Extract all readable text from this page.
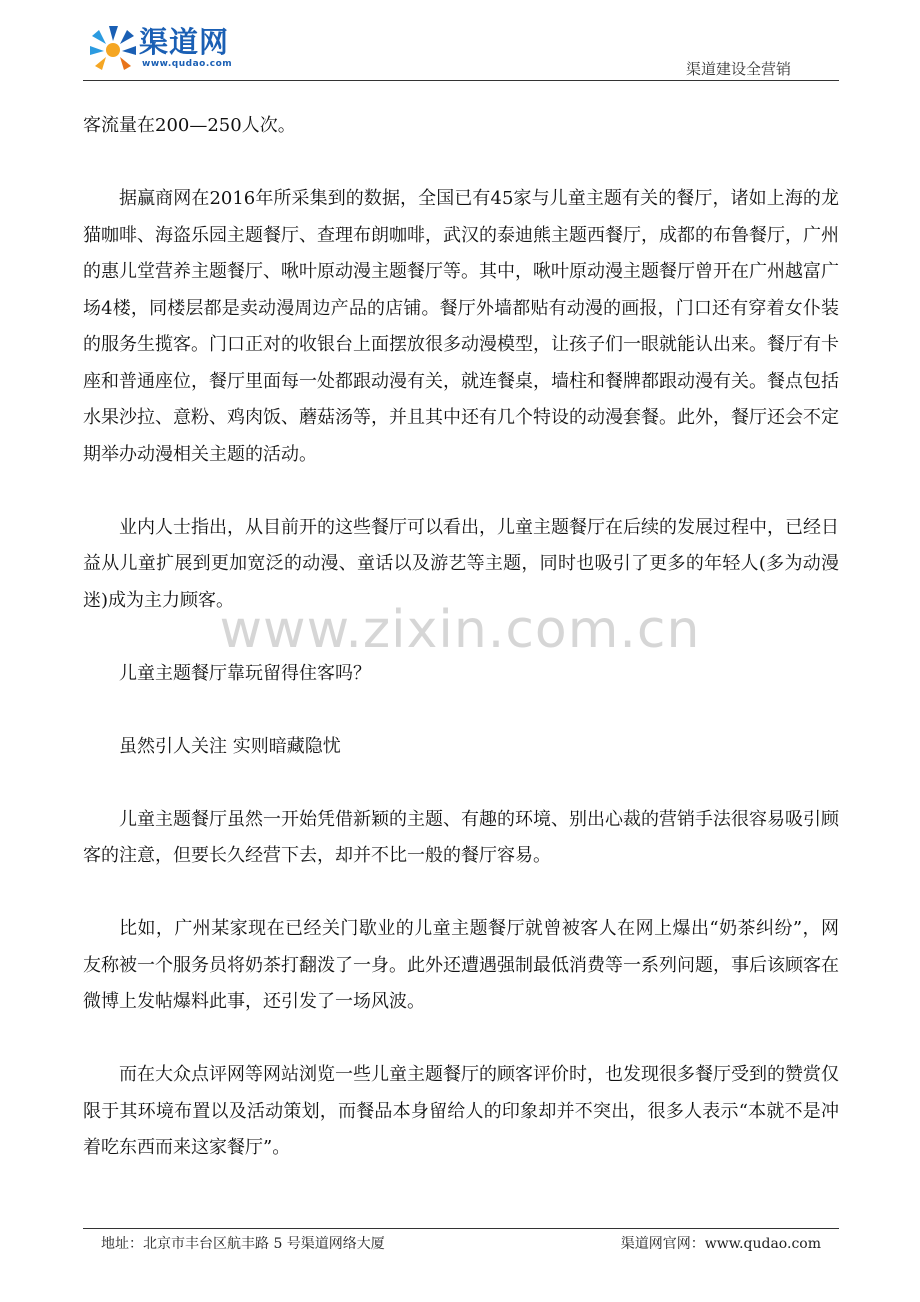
渠道网
www.qudao.com	渠道建设全营销

客流量在200—250人次。

据赢商网在2016年所采集到的数据，全国已有45家与儿童主题有关的餐厅，诸如上海的龙猫咖啡、海盗乐园主题餐厅、查理布朗咖啡，武汉的泰迪熊主题西餐厅，成都的布鲁餐厅，广州的惠儿堂营养主题餐厅、啾叶原动漫主题餐厅等。其中，啾叶原动漫主题餐厅曾开在广州越富广场4楼，同楼层都是卖动漫周边产品的店铺。餐厅外墙都贴有动漫的画报，门口还有穿着女仆装的服务生揽客。门口正对的收银台上面摆放很多动漫模型，让孩子们一眼就能认出来。餐厅有卡座和普通座位，餐厅里面每一处都跟动漫有关，就连餐桌，墙柱和餐牌都跟动漫有关。餐点包括水果沙拉、意粉、鸡肉饭、蘑菇汤等，并且其中还有几个特设的动漫套餐。此外，餐厅还会不定期举办动漫相关主题的活动。

业内人士指出，从目前开的这些餐厅可以看出，儿童主题餐厅在后续的发展过程中，已经日益从儿童扩展到更加宽泛的动漫、童话以及游艺等主题，同时也吸引了更多的年轻人(多为动漫迷)成为主力顾客。

儿童主题餐厅靠玩留得住客吗？

虽然引人关注 实则暗藏隐忧

儿童主题餐厅虽然一开始凭借新颖的主题、有趣的环境、别出心裁的营销手法很容易吸引顾客的注意，但要长久经营下去，却并不比一般的餐厅容易。

比如，广州某家现在已经关门歇业的儿童主题餐厅就曾被客人在网上爆出“奶茶纠纷”，网友称被一个服务员将奶茶打翻泼了一身。此外还遭遇强制最低消费等一系列问题，事后该顾客在微博上发帖爆料此事，还引发了一场风波。

而在大众点评网等网站浏览一些儿童主题餐厅的顾客评价时，也发现很多餐厅受到的赞赏仅限于其环境布置以及活动策划，而餐品本身留给人的印象却并不突出，很多人表示“本就不是冲着吃东西而来这家餐厅”。

www.zixin.com.cn
地址：北京市丰台区航丰路 5 号渠道网络大厦	渠道网官网：www.qudao.com
